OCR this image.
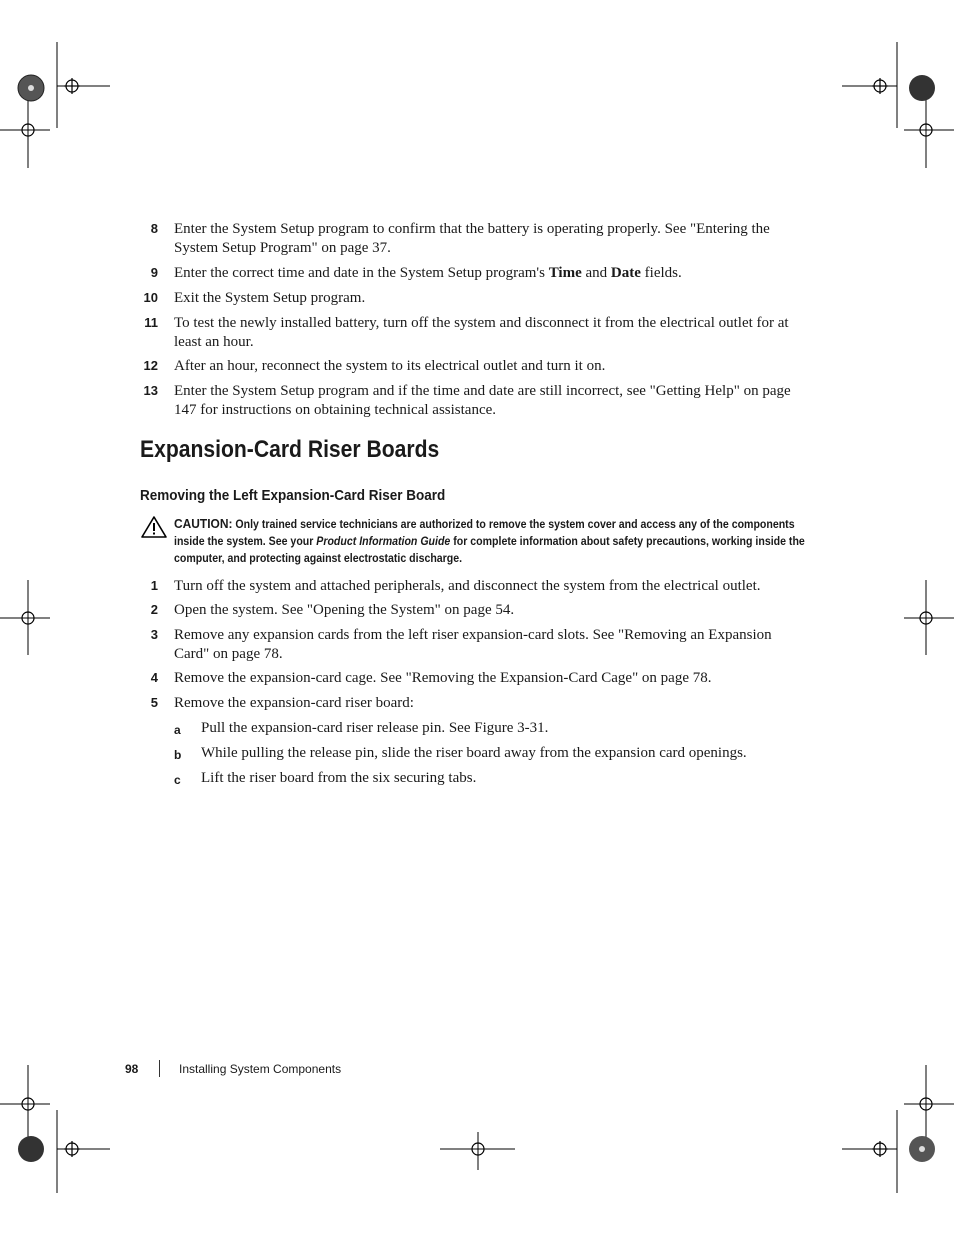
8 Enter the System Setup program to confirm that the battery is operating properly. See "Entering the System Setup Program" on page 37.
9 Enter the correct time and date in the System Setup program's Time and Date fields.
10 Exit the System Setup program.
11 To test the newly installed battery, turn off the system and disconnect it from the electrical outlet for at least an hour.
12 After an hour, reconnect the system to its electrical outlet and turn it on.
13 Enter the System Setup program and if the time and date are still incorrect, see "Getting Help" on page 147 for instructions on obtaining technical assistance.
Expansion-Card Riser Boards
Removing the Left Expansion-Card Riser Board
CAUTION: Only trained service technicians are authorized to remove the system cover and access any of the components inside the system. See your Product Information Guide for complete information about safety precautions, working inside the computer, and protecting against electrostatic discharge.
1 Turn off the system and attached peripherals, and disconnect the system from the electrical outlet.
2 Open the system. See "Opening the System" on page 54.
3 Remove any expansion cards from the left riser expansion-card slots. See "Removing an Expansion Card" on page 78.
4 Remove the expansion-card cage. See "Removing the Expansion-Card Cage" on page 78.
5 Remove the expansion-card riser board:
a Pull the expansion-card riser release pin. See Figure 3-31.
b While pulling the release pin, slide the riser board away from the expansion card openings.
c Lift the riser board from the six securing tabs.
98	Installing System Components
